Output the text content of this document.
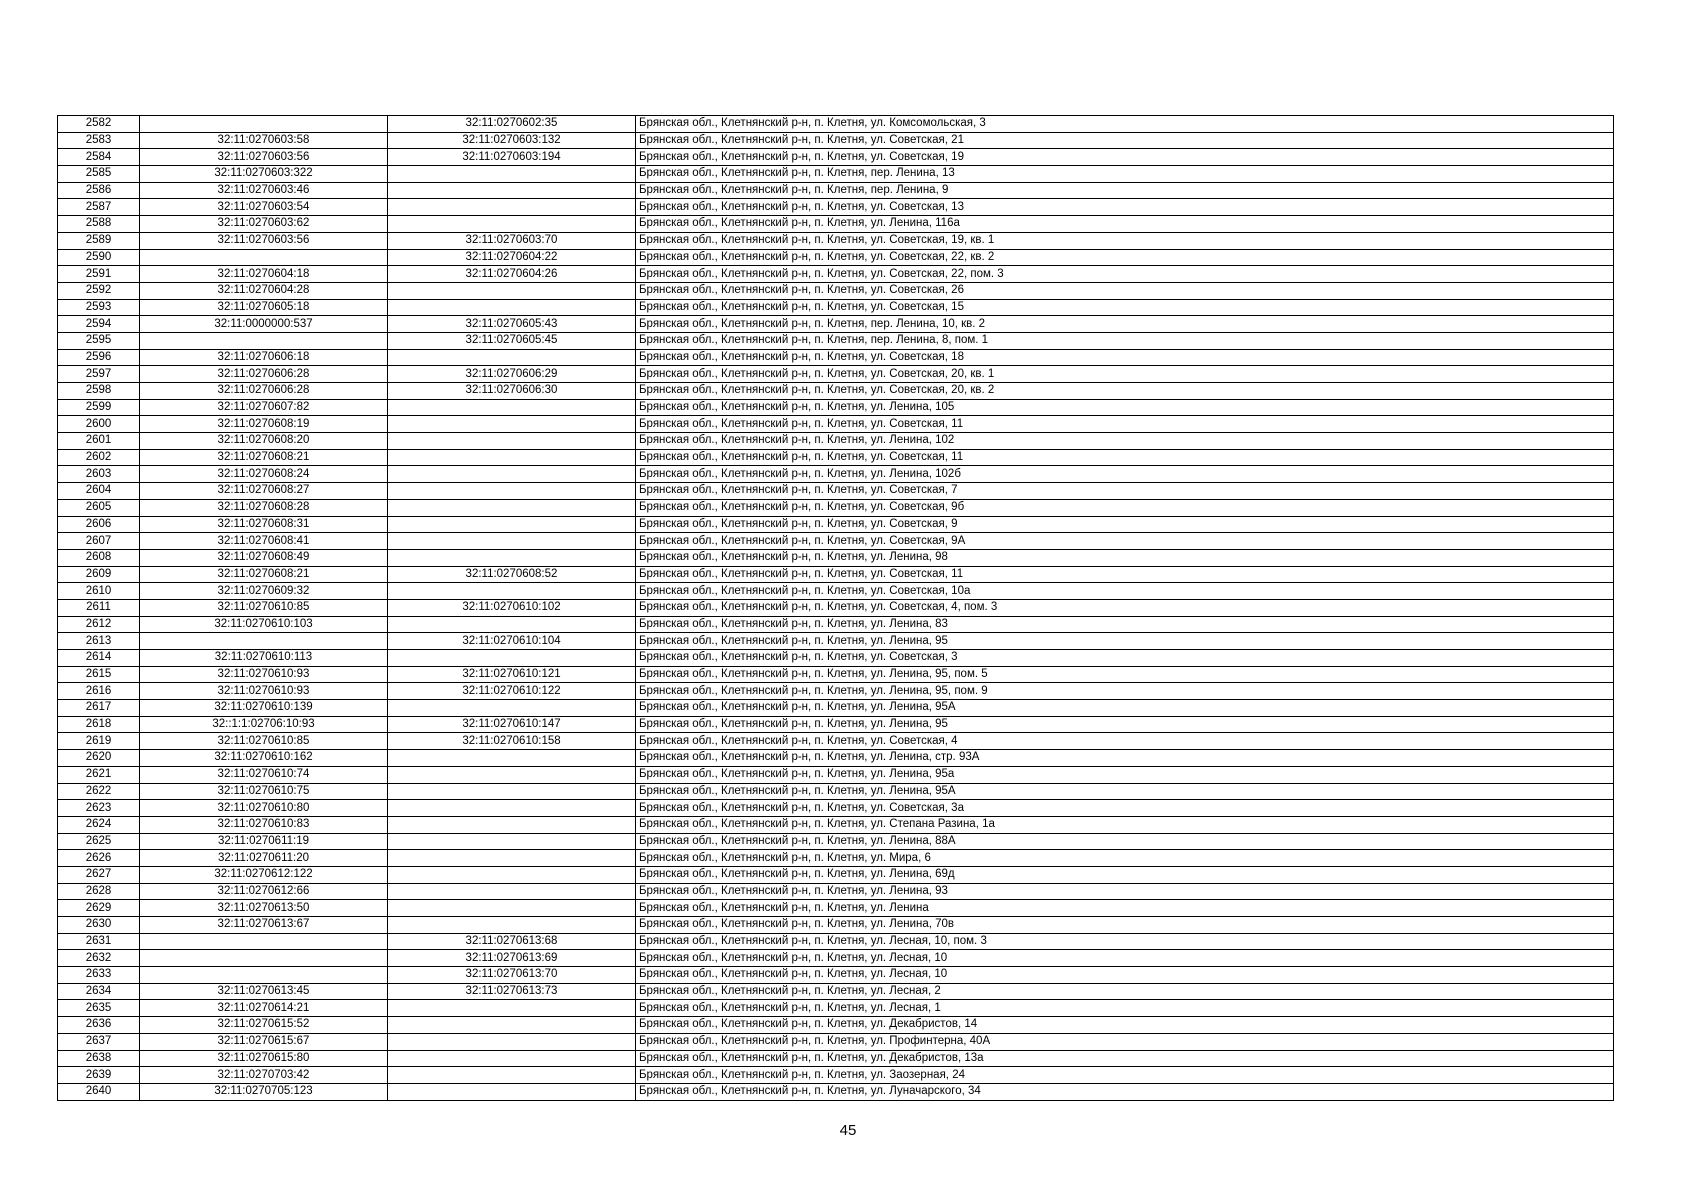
2582		32:11:0270602:35	Брянская обл., Клетнянский р-н, п. Клетня, ул. Комсомольская, 3
2583	32:11:0270603:58	32:11:0270603:132	Брянская обл., Клетнянский р-н, п. Клетня, ул. Советская, 21
2584	32:11:0270603:56	32:11:0270603:194	Брянская обл., Клетнянский р-н, п. Клетня, ул. Советская, 19
2585	32:11:0270603:322		Брянская обл., Клетнянский р-н, п. Клетня, пер. Ленина, 13
2586	32:11:0270603:46		Брянская обл., Клетнянский р-н, п. Клетня, пер. Ленина, 9
2587	32:11:0270603:54		Брянская обл., Клетнянский р-н, п. Клетня, ул. Советская, 13
2588	32:11:0270603:62		Брянская обл., Клетнянский р-н, п. Клетня, ул. Ленина, 116а
2589	32:11:0270603:56	32:11:0270603:70	Брянская обл., Клетнянский р-н, п. Клетня, ул. Советская, 19, кв. 1
2590		32:11:0270604:22	Брянская обл., Клетнянский р-н, п. Клетня, ул. Советская, 22, кв. 2
2591	32:11:0270604:18	32:11:0270604:26	Брянская обл., Клетнянский р-н, п. Клетня, ул. Советская, 22, пом. 3
2592	32:11:0270604:28		Брянская обл., Клетнянский р-н, п. Клетня, ул. Советская, 26
2593	32:11:0270605:18		Брянская обл., Клетнянский р-н, п. Клетня, ул. Советская, 15
2594	32:11:0000000:537	32:11:0270605:43	Брянская обл., Клетнянский р-н, п. Клетня, пер. Ленина, 10, кв. 2
2595		32:11:0270605:45	Брянская обл., Клетнянский р-н, п. Клетня, пер. Ленина, 8, пом. 1
2596	32:11:0270606:18		Брянская обл., Клетнянский р-н, п. Клетня, ул. Советская, 18
2597	32:11:0270606:28	32:11:0270606:29	Брянская обл., Клетнянский р-н, п. Клетня, ул. Советская, 20, кв. 1
2598	32:11:0270606:28	32:11:0270606:30	Брянская обл., Клетнянский р-н, п. Клетня, ул. Советская, 20, кв. 2
2599	32:11:0270607:82		Брянская обл., Клетнянский р-н, п. Клетня, ул. Ленина, 105
2600	32:11:0270608:19		Брянская обл., Клетнянский р-н, п. Клетня, ул. Советская, 11
2601	32:11:0270608:20		Брянская обл., Клетнянский р-н, п. Клетня, ул. Ленина, 102
2602	32:11:0270608:21		Брянская обл., Клетнянский р-н, п. Клетня, ул. Советская, 11
2603	32:11:0270608:24		Брянская обл., Клетнянский р-н, п. Клетня, ул. Ленина, 102б
2604	32:11:0270608:27		Брянская обл., Клетнянский р-н, п. Клетня, ул. Советская, 7
2605	32:11:0270608:28		Брянская обл., Клетнянский р-н, п. Клетня, ул. Советская, 9б
2606	32:11:0270608:31		Брянская обл., Клетнянский р-н, п. Клетня, ул. Советская, 9
2607	32:11:0270608:41		Брянская обл., Клетнянский р-н, п. Клетня, ул. Советская, 9А
2608	32:11:0270608:49		Брянская обл., Клетнянский р-н, п. Клетня, ул. Ленина, 98
2609	32:11:0270608:21	32:11:0270608:52	Брянская обл., Клетнянский р-н, п. Клетня, ул. Советская, 11
2610	32:11:0270609:32		Брянская обл., Клетнянский р-н, п. Клетня, ул. Советская, 10а
2611	32:11:0270610:85	32:11:0270610:102	Брянская обл., Клетнянский р-н, п. Клетня, ул. Советская, 4, пом. 3
2612	32:11:0270610:103		Брянская обл., Клетнянский р-н, п. Клетня, ул. Ленина, 83
2613		32:11:0270610:104	Брянская обл., Клетнянский р-н, п. Клетня, ул. Ленина, 95
2614	32:11:0270610:113		Брянская обл., Клетнянский р-н, п. Клетня, ул. Советская, 3
2615	32:11:0270610:93	32:11:0270610:121	Брянская обл., Клетнянский р-н, п. Клетня, ул. Ленина, 95, пом. 5
2616	32:11:0270610:93	32:11:0270610:122	Брянская обл., Клетнянский р-н, п. Клетня, ул. Ленина, 95, пом. 9
2617	32:11:0270610:139		Брянская обл., Клетнянский р-н, п. Клетня, ул. Ленина, 95А
2618	32::1:1:02706:10:93	32:11:0270610:147	Брянская обл., Клетнянский р-н, п. Клетня, ул. Ленина, 95
2619	32:11:0270610:85	32:11:0270610:158	Брянская обл., Клетнянский р-н, п. Клетня, ул. Советская, 4
2620	32:11:0270610:162		Брянская обл., Клетнянский р-н, п. Клетня, ул. Ленина, стр. 93А
2621	32:11:0270610:74		Брянская обл., Клетнянский р-н, п. Клетня, ул. Ленина, 95а
2622	32:11:0270610:75		Брянская обл., Клетнянский р-н, п. Клетня, ул. Ленина, 95А
2623	32:11:0270610:80		Брянская обл., Клетнянский р-н, п. Клетня, ул. Советская, 3а
2624	32:11:0270610:83		Брянская обл., Клетнянский р-н, п. Клетня, ул. Степана Разина, 1а
2625	32:11:0270611:19		Брянская обл., Клетнянский р-н, п. Клетня, ул. Ленина, 88А
2626	32:11:0270611:20		Брянская обл., Клетнянский р-н, п. Клетня, ул. Мира, 6
2627	32:11:0270612:122		Брянская обл., Клетнянский р-н, п. Клетня, ул. Ленина, 69д
2628	32:11:0270612:66		Брянская обл., Клетнянский р-н, п. Клетня, ул. Ленина, 93
2629	32:11:0270613:50		Брянская обл., Клетнянский р-н, п. Клетня, ул. Ленина
2630	32:11:0270613:67		Брянская обл., Клетнянский р-н, п. Клетня, ул. Ленина, 70в
2631		32:11:0270613:68	Брянская обл., Клетнянский р-н, п. Клетня, ул. Лесная, 10, пом. 3
2632		32:11:0270613:69	Брянская обл., Клетнянский р-н, п. Клетня, ул. Лесная, 10
2633		32:11:0270613:70	Брянская обл., Клетнянский р-н, п. Клетня, ул. Лесная, 10
2634	32:11:0270613:45	32:11:0270613:73	Брянская обл., Клетнянский р-н, п. Клетня, ул. Лесная, 2
2635	32:11:0270614:21		Брянская обл., Клетнянский р-н, п. Клетня, ул. Лесная, 1
2636	32:11:0270615:52		Брянская обл., Клетнянский р-н, п. Клетня, ул. Декабристов, 14
2637	32:11:0270615:67		Брянская обл., Клетнянский р-н, п. Клетня, ул. Профинтерна, 40А
2638	32:11:0270615:80		Брянская обл., Клетнянский р-н, п. Клетня, ул. Декабристов, 13а
2639	32:11:0270703:42		Брянская обл., Клетнянский р-н, п. Клетня, ул. Заозерная, 24
2640	32:11:0270705:123		Брянская обл., Клетнянский р-н, п. Клетня, ул. Луначарского, 34
45
